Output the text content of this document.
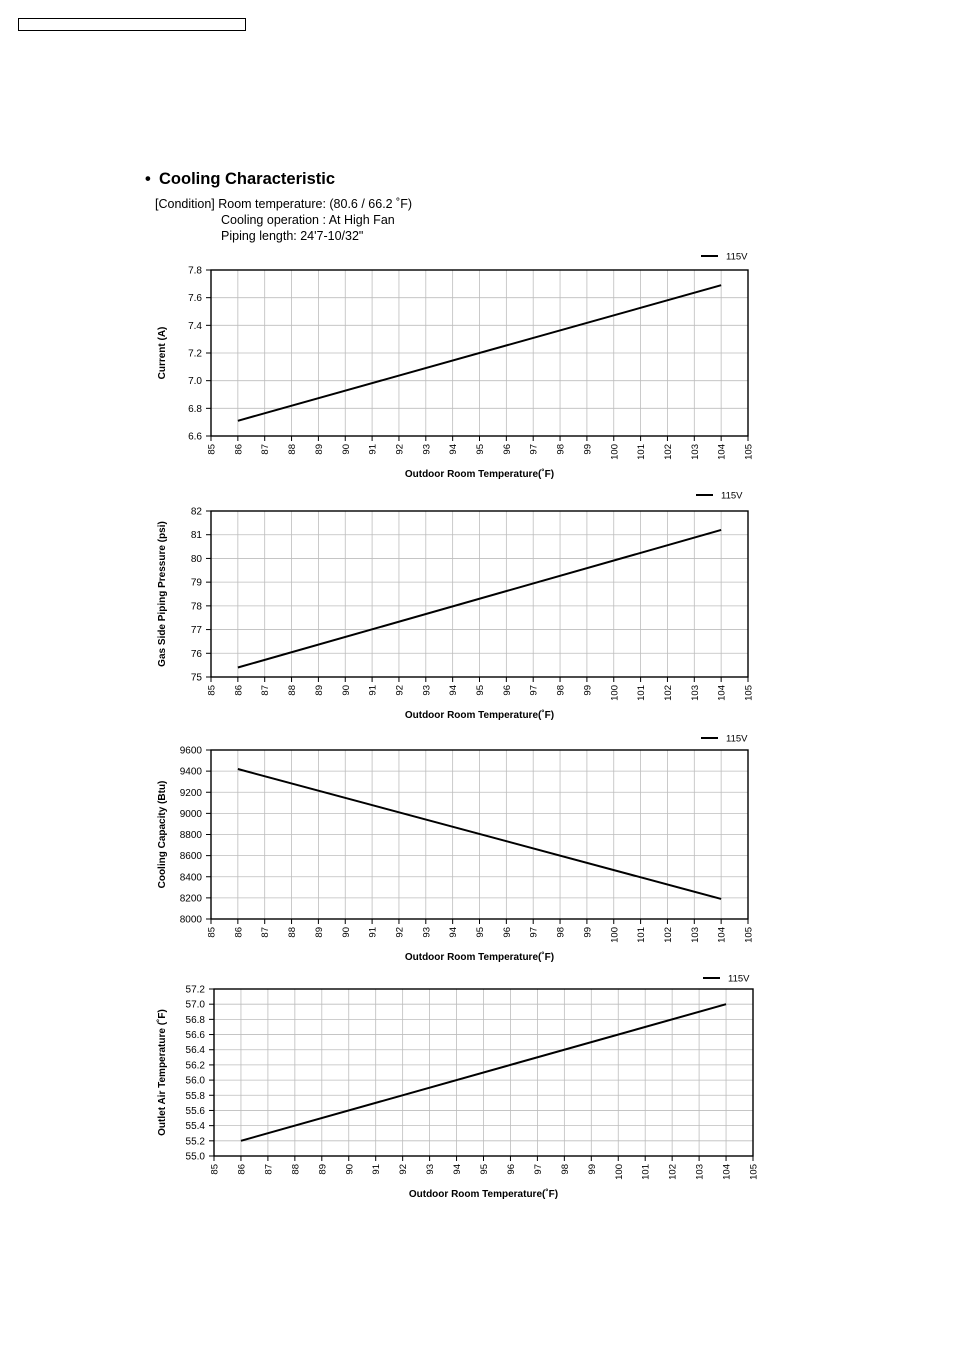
• Cooling Characteristic
[Condition] Room temperature: (80.6 / 66.2 ˚F)
Cooling operation : At High Fan
Piping length: 24'7-10/32"
6.6
6.8
7.0
7.2
7.4
7.6
7.8
85 86 87 88 89 90 91 92 93 94 95 96 97 98 99 100 101 102 103 104 105
Outdoor Room Temperature(˚F)
Current (A)
115V
75
76
77
78
79
80
81
82
85 86 87 88 89 90 91 92 93 94 95 96 97 98 99 100 101 102 103 104 105
Outdoor Room Temperature(˚F)
Gas Side Piping Pressure (psi)
115V
8000
8200
8400
8600
8800
9000
9200
9400
9600
85 86 87 88 89 90 91 92 93 94 95 96 97 98 99 100 101 102 103 104 105
Outdoor Room Temperature(˚F)
Cooling Capacity (Btu)
115V
55.0
55.2
55.4
55.6
55.8
56.0
56.2
56.4
56.6
56.8
57.0
57.2
85 86 87 88 89 90 91 92 93 94 95 96 97 98 99 100 101 102 103 104 105
Outdoor Room Temperature(˚F)
Outlet Air Temperature (˚F)
115V
